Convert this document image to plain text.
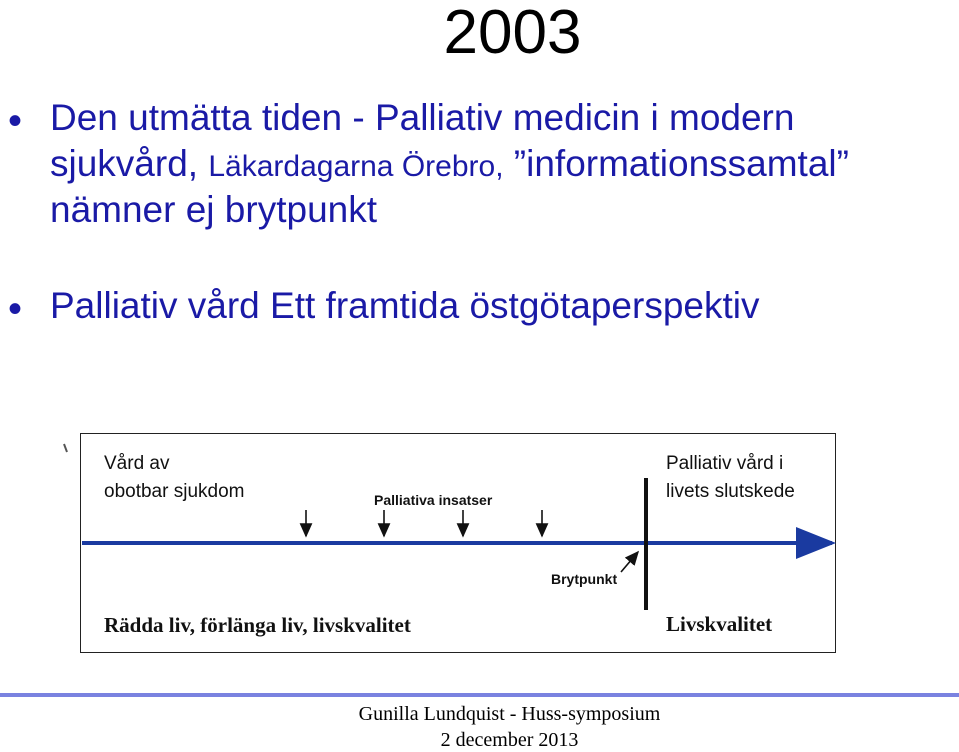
2003
• Den utmätta tiden - Palliativ medicin i modern
sjukvård, Läkardagarna Örebro, ”informationssamtal”
nämner ej brytpunkt
• Palliativ vård Ett framtida östgötaperspektiv
Vård av
obotbar sjukdom	Palliativa insatser
Palliativ vård i
livets slutskede
Brytpunkt
Rädda liv, förlänga liv, livskvalitet	Livskvalitet
Gunilla Lundquist - Huss-symposium
2 december 2013
